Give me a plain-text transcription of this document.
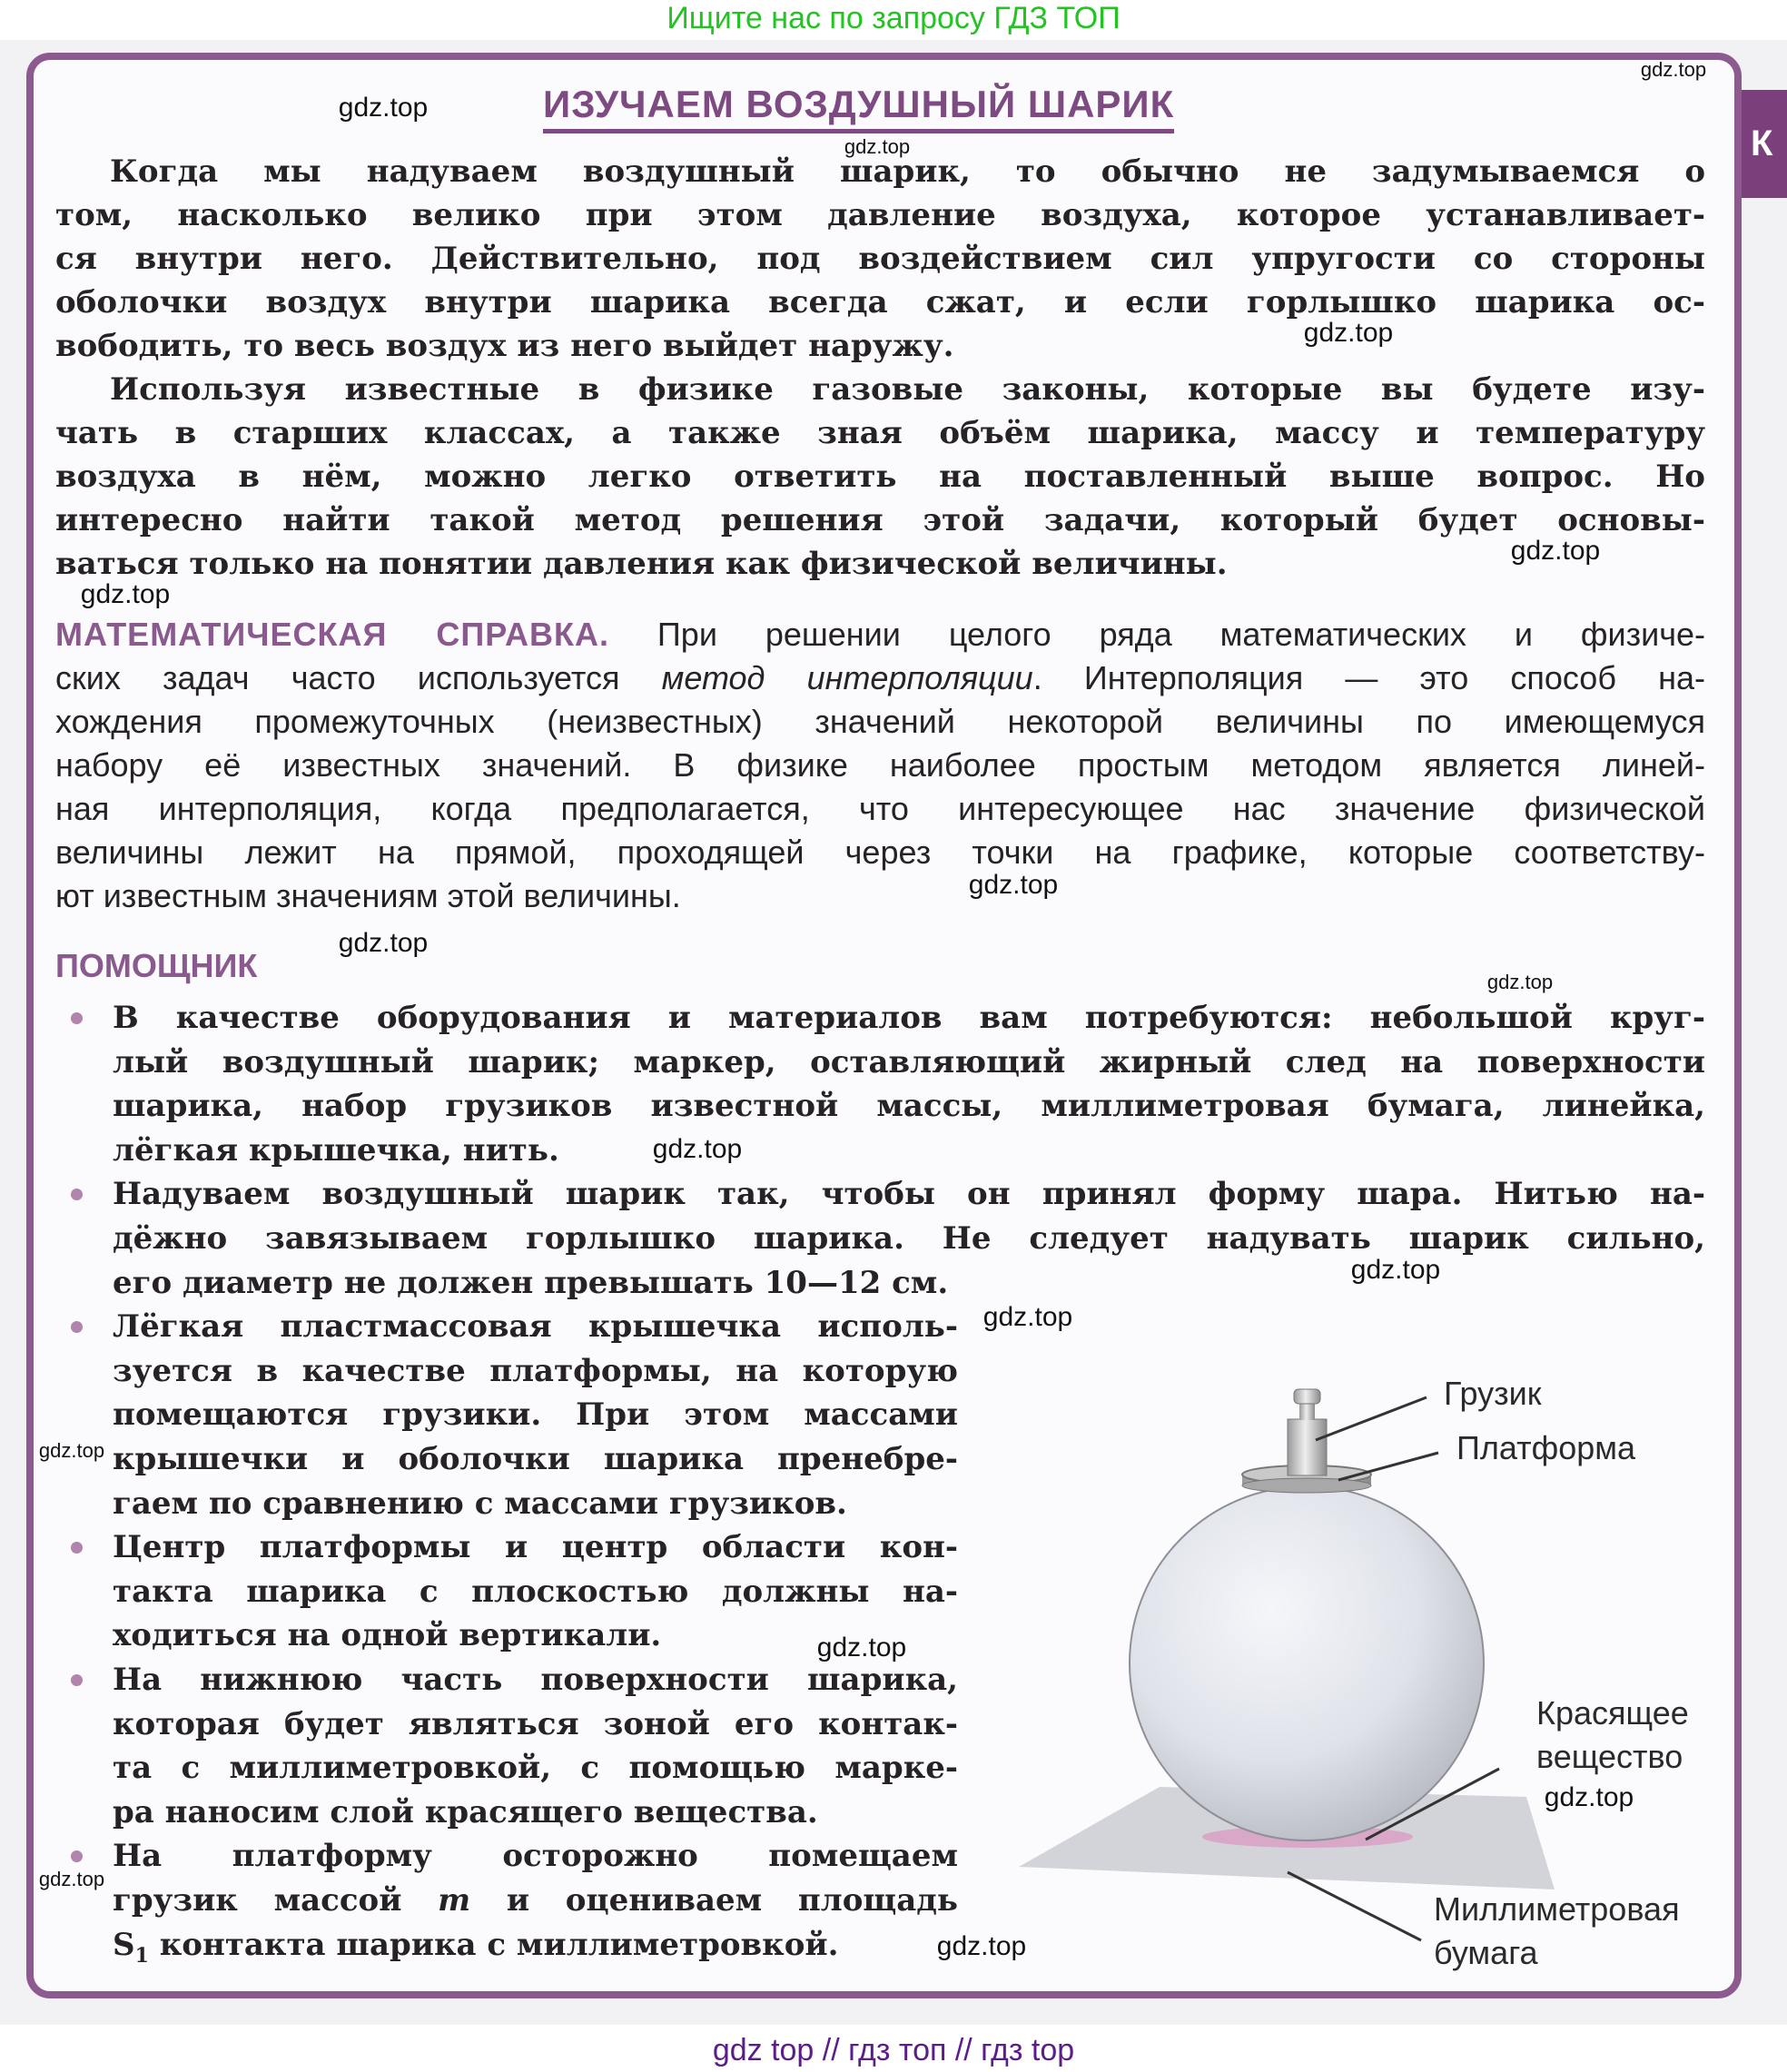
Ищите нас по запросу ГДЗ ТОП
К
ИЗУЧАЕМ ВОЗДУШНЫЙ ШАРИК
Когда мы надуваем воздушный шарик, то обычно не задумываемся о
том, насколько велико при этом давление воздуха, которое устанавливает-
ся внутри него. Действительно, под воздействием сил упругости со стороны
оболочки воздух внутри шарика всегда сжат, и если горлышко шарика ос-
вободить, то весь воздух из него выйдет наружу.
Используя известные в физике газовые законы, которые вы будете изу-
чать в старших классах, а также зная объём шарика, массу и температуру
воздуха в нём, можно легко ответить на поставленный выше вопрос. Но
интересно найти такой метод решения этой задачи, который будет основы-
ваться только на понятии давления как физической величины.
МАТЕМАТИЧЕСКАЯ СПРАВКА. При решении целого ряда математических и физиче-
ских задач часто используется метод интерполяции. Интерполяция — это способ на-
хождения промежуточных (неизвестных) значений некоторой величины по имеющемуся
набору её известных значений. В физике наиболее простым методом является линей-
ная интерполяция, когда предполагается, что интересующее нас значение физической
величины лежит на прямой, проходящей через точки на графике, которые соответству-
ют известным значениям этой величины.
ПОМОЩНИК
В качестве оборудования и материалов вам потребуются: небольшой круг-
лый воздушный шарик; маркер, оставляющий жирный след на поверхности
шарика, набор грузиков известной массы, миллиметровая бумага, линейка,
лёгкая крышечка, нить.
Надуваем воздушный шарик так, чтобы он принял форму шара. Нитью на-
дёжно завязываем горлышко шарика. Не следует надувать шарик сильно,
его диаметр не должен превышать 10—12 см.
Лёгкая пластмассовая крышечка исполь-
зуется в качестве платформы, на которую
помещаются грузики. При этом массами
крышечки и оболочки шарика пренебре-
гаем по сравнению с массами грузиков.
Центр платформы и центр области кон-
такта шарика с плоскостью должны на-
ходиться на одной вертикали.
На нижнюю часть поверхности шарика,
которая будет являться зоной его контак-
та с миллиметровкой, с помощью марке-
ра наносим слой красящего вещества.
На платформу осторожно помещаем
грузик массой m и оцениваем площадь
$S_1$ контакта шарика с миллиметровкой.
Грузик
Платформа
Красящее
вещество
Миллиметровая
бумага
gdz.top
gdz.top
gdz.top
gdz.top
gdz.top
gdz.top
gdz.top
gdz.top
gdz.top
gdz.top
gdz.top
gdz.top
gdz.top
gdz.top
gdz.top
gdz.top
gdz.top
gdz top // гдз топ // гдз top
